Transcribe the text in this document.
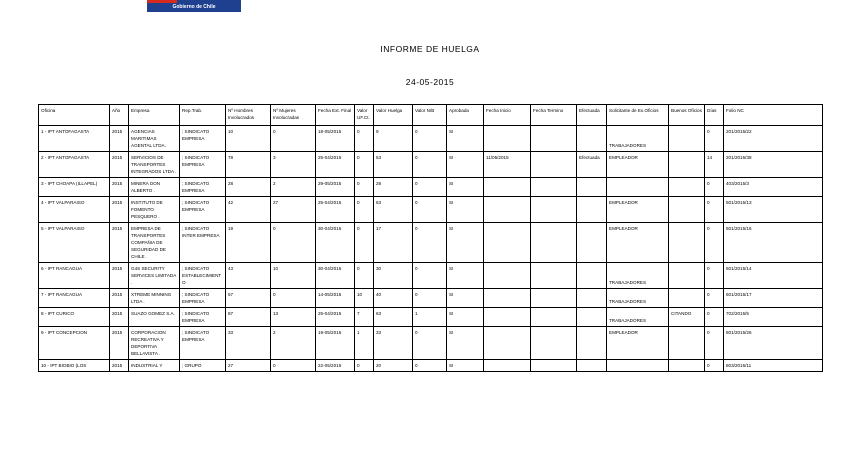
Gobierno de Chile
INFORME DE HUELGA
24-05-2015
Oficina	Año	Empresa	Rep.Trab.	Nº Hombres Involucrados	Nº Mujeres Involucradas	Fecha Ext. Final	Valor UF.Ct.	Valor Huelga	Valor N/B	Aprobada	Fecha Inicio	Fecha Termino	Efectuada	Solicitante de Ex.Oficios	Buenos Oficios	Días	Folio NC
1 - IPT ANTOFAGASTA	2015	AGENCIAS MARITIMAS AGENTAL LTDA.	; SINDICATO EMPRESA	10	0	18-05/2015	0	9	0	SI				TRABAJADORES		0	201/2015/22
2 - IPT ANTOFAGASTA	2015	SERVICIOS DE TRANSPORTES INTEGRADOS LTDA .	; SINDICATO EMPRESA	78	3	25-04/2015	0	53	0	SI	11/05/2015		Efectuada	EMPLEADOR		14	201/2015/38
3 - IPT CHOAPA (ILLAPEL)	2015	MINERA DON ALBERTO .	; SINDICATO EMPRESA	28	2	29-05/2015	0	28	0	SI						0	403/2015/3
4 - IPT VALPARAISO	2015	INSTITUTO DE FOMENTO PESQUERO .	; SINDICATO EMPRESA	42	27	25-04/2015	0	63	0	SI				EMPLEADOR		0	501/2015/13
5 - IPT VALPARAISO	2015	EMPRESA DE TRANSPORTES COMPAÑIA DE SEGURIDAD DE CHILE .	; SINDICATO INTER EMPRESA	19	0	30-04/2015	0	17	0	SI				EMPLEADOR		0	501/2015/16
6 - IPT RANCAGUA	2015	G4S SECURITY SERVICES LIMITADA .	; SINDICATO ESTABLECIMIENTO	43	10	30-04/2015	0	30	0	SI				TRABAJADORES		0	601/2015/14
7 - IPT RANCAGUA	2015	XTREME MINNING LTDA .	; SINDICATO EMPRESA	57	0	14-05/2015	10	40	0	SI				TRABAJADORES		0	601/2015/17
8 - IPT CURICO	2015	SUAZO GOMEZ S.A.	; SINDICATO EMPRESA	87	13	25-04/2015	7	63	1	SI				TRABAJADORES	CITANDO	0	702/2015/5
9 - IPT CONCEPCION	2015	CORPORACION RECREATIVA Y DEPORTIVA BELLAVISTA .	; SINDICATO EMPRESA	33	2	19-05/2015	1	33	0	SI				EMPLEADOR		0	801/2015/26
10 - IPT BIOBIO (LOS	2015	INDUSTRIAL Y	; GRUPO	27	0	22-05/2015	0	20	0	SI						0	803/2015/11
